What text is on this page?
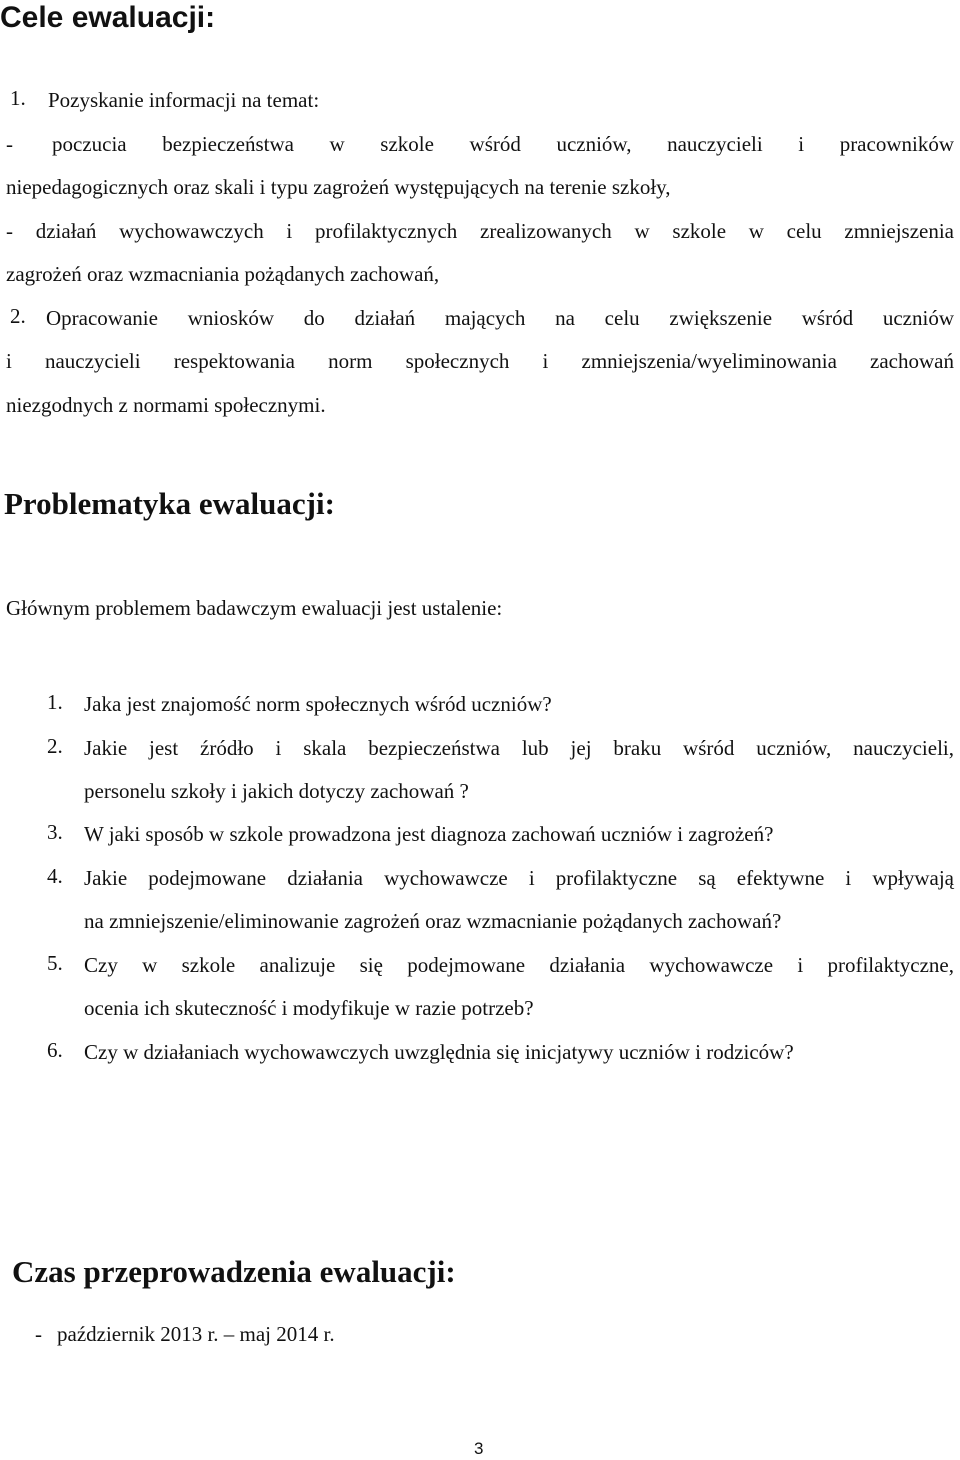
Cele ewaluacji:
1. Pozyskanie informacji na temat:
- poczucia bezpieczeństwa w szkole wśród uczniów, nauczycieli i pracowników
niepedagogicznych oraz skali i typu zagrożeń występujących na terenie szkoły,
- działań wychowawczych i profilaktycznych zrealizowanych w szkole w celu zmniejszenia
zagrożeń oraz wzmacniania pożądanych zachowań,
2. Opracowanie wniosków do działań mających na celu zwiększenie wśród uczniów
i nauczycieli respektowania norm społecznych i zmniejszenia/wyeliminowania zachowań
niezgodnych z normami społecznymi.
Problematyka ewaluacji:
Głównym problemem badawczym ewaluacji jest ustalenie:
1. Jaka jest znajomość norm społecznych wśród uczniów?
2. Jakie jest źródło i skala bezpieczeństwa lub jej braku wśród uczniów, nauczycieli,
personelu szkoły i jakich dotyczy zachowań ?
3. W jaki sposób w szkole prowadzona jest diagnoza zachowań uczniów i zagrożeń?
4. Jakie podejmowane działania wychowawcze i profilaktyczne są efektywne i wpływają
na zmniejszenie/eliminowanie zagrożeń oraz wzmacnianie pożądanych zachowań?
5. Czy w szkole analizuje się podejmowane działania wychowawcze i profilaktyczne,
ocenia ich skuteczność i modyfikuje w razie potrzeb?
6. Czy w działaniach wychowawczych uwzględnia się inicjatywy uczniów i rodziców?
Czas przeprowadzenia ewaluacji:
- październik 2013 r. – maj 2014 r.
3
